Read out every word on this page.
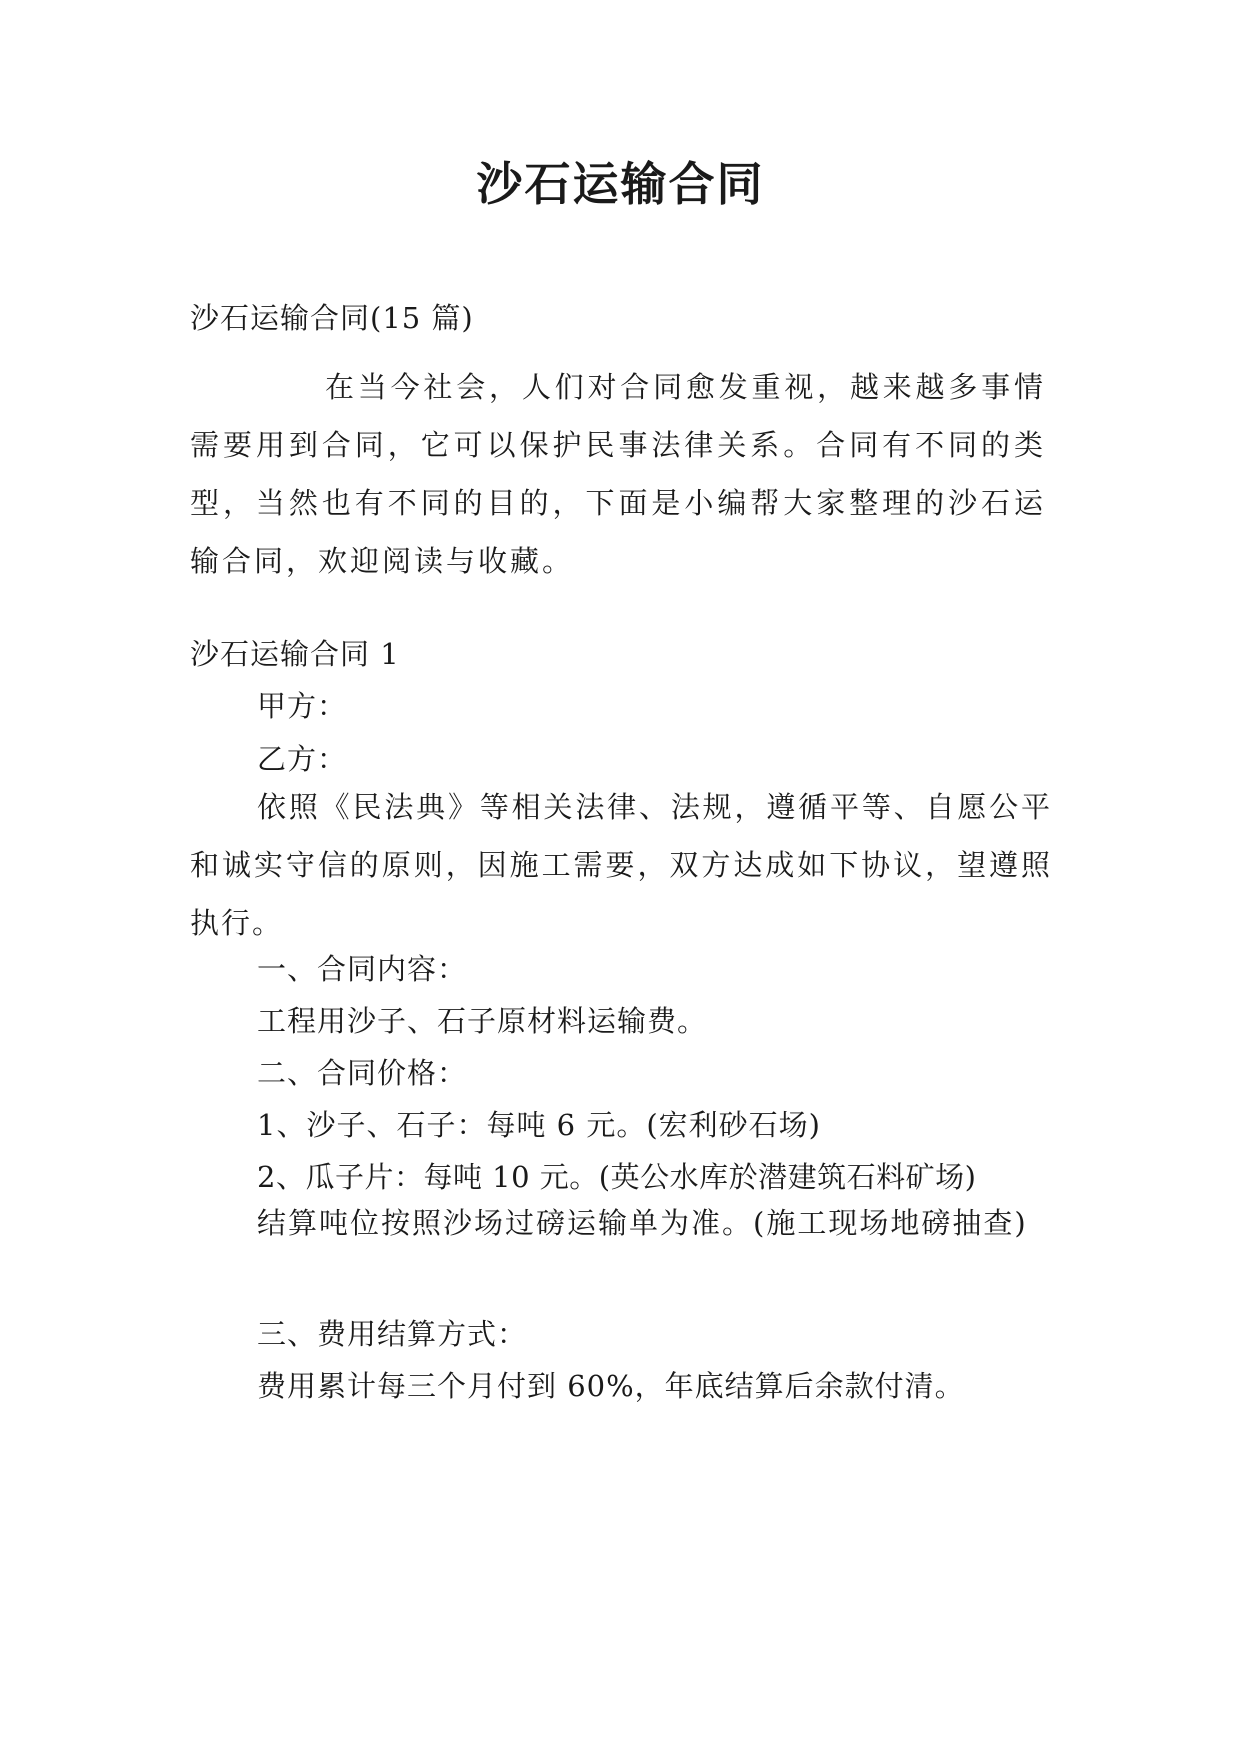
沙石运输合同
沙石运输合同(15 篇)
在当今社会，人们对合同愈发重视，越来越多事情需要用到合同，它可以保护民事法律关系。合同有不同的类型，当然也有不同的目的，下面是小编帮大家整理的沙石运输合同，欢迎阅读与收藏。
沙石运输合同 1
甲方：
乙方：
依照《民法典》等相关法律、法规，遵循平等、自愿公平和诚实守信的原则，因施工需要，双方达成如下协议，望遵照执行。
一、合同内容：
工程用沙子、石子原材料运输费。
二、合同价格：
1、沙子、石子：每吨 6 元。(宏利砂石场)
2、瓜子片：每吨 10 元。(英公水库於潜建筑石料矿场)
结算吨位按照沙场过磅运输单为准。(施工现场地磅抽查)
三、费用结算方式：
费用累计每三个月付到 60%，年底结算后余款付清。
